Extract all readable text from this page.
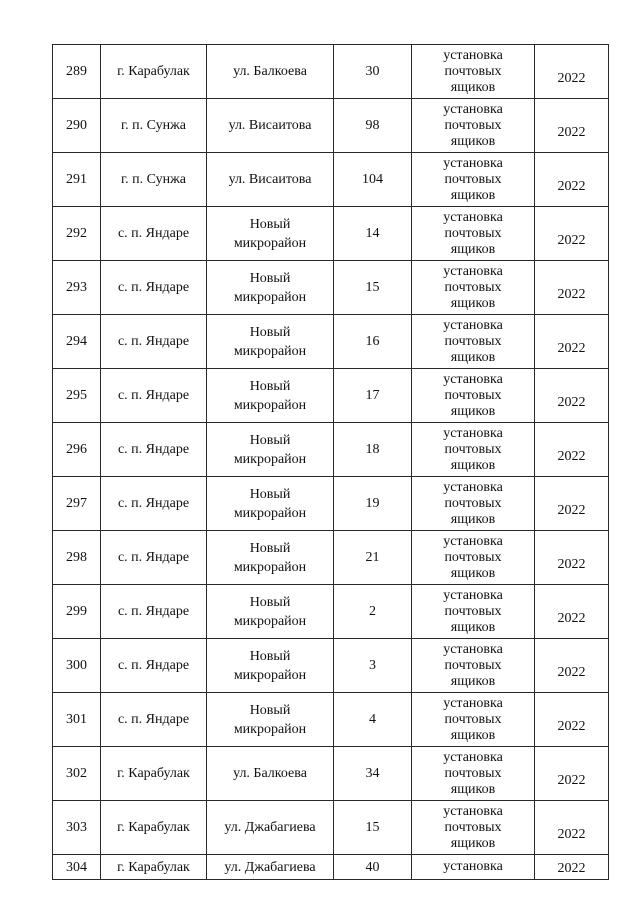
289	г. Карабулак	ул. Балкоева	30	установка
почтовых
ящиков	2022
290	г. п. Сунжа	ул. Висаитова	98	установка
почтовых
ящиков	2022
291	г. п. Сунжа	ул. Висаитова	104	установка
почтовых
ящиков	2022
292	с. п. Яндаре	Новый
микрорайон	14	установка
почтовых
ящиков	2022
293	с. п. Яндаре	Новый
микрорайон	15	установка
почтовых
ящиков	2022
294	с. п. Яндаре	Новый
микрорайон	16	установка
почтовых
ящиков	2022
295	с. п. Яндаре	Новый
микрорайон	17	установка
почтовых
ящиков	2022
296	с. п. Яндаре	Новый
микрорайон	18	установка
почтовых
ящиков	2022
297	с. п. Яндаре	Новый
микрорайон	19	установка
почтовых
ящиков	2022
298	с. п. Яндаре	Новый
микрорайон	21	установка
почтовых
ящиков	2022
299	с. п. Яндаре	Новый
микрорайон	2	установка
почтовых
ящиков	2022
300	с. п. Яндаре	Новый
микрорайон	3	установка
почтовых
ящиков	2022
301	с. п. Яндаре	Новый
микрорайон	4	установка
почтовых
ящиков	2022
302	г. Карабулак	ул. Балкоева	34	установка
почтовых
ящиков	2022
303	г. Карабулак	ул. Джабагиева	15	установка
почтовых
ящиков	2022
304	г. Карабулак	ул. Джабагиева	40	установка	2022
